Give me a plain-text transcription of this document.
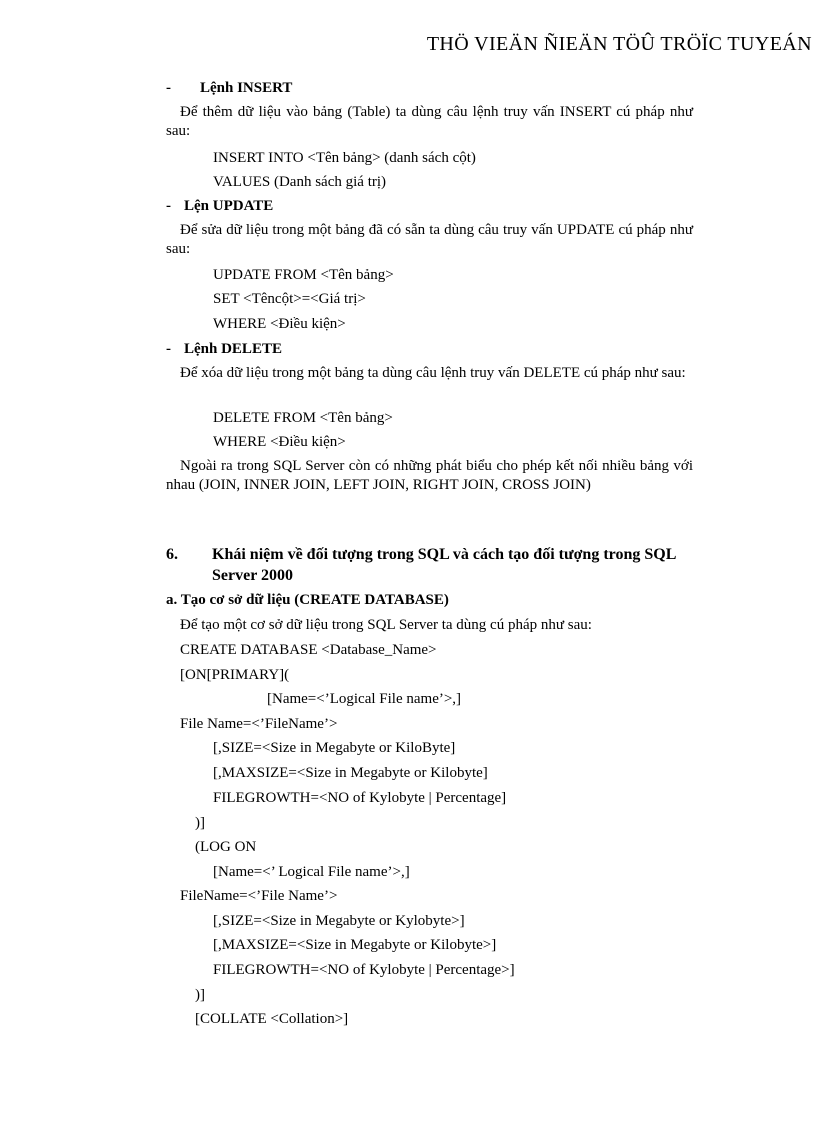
THÖ VIEÄN ÑIEÄN TÖÛ TRÖÏC TUYEÁN
- Lệnh INSERT
Để thêm dữ liệu vào bảng (Table) ta dùng câu lệnh truy vấn INSERT cú pháp như sau:
INSERT INTO <Tên bảng> (danh sách cột)
VALUES (Danh sách giá trị)
- Lện UPDATE
Để sửa dữ liệu trong một bảng đã có sẵn ta dùng câu truy vấn UPDATE cú pháp như sau:
UPDATE FROM <Tên bảng>
SET <Têncột>=<Giá trị>
WHERE <Điều kiện>
- Lệnh DELETE
Để xóa dữ liệu trong một bảng ta dùng câu lệnh truy vấn DELETE cú pháp như sau:
DELETE FROM <Tên bảng>
WHERE <Điều kiện>
Ngoài ra trong SQL Server còn có những phát biểu cho phép kết nối nhiều bảng với nhau (JOIN, INNER JOIN, LEFT JOIN, RIGHT JOIN, CROSS JOIN)
6. Khái niệm về đối tượng trong SQL và cách tạo đối tượng trong SQL
Server 2000
a. Tạo cơ sở dữ liệu (CREATE DATABASE)
Để tạo một cơ sở dữ liệu trong SQL Server ta dùng cú pháp như sau:
CREATE DATABASE <Database_Name>
[ON[PRIMARY](
[Name=<’Logical File name’>,]
File Name=<’FileName’>
[,SIZE=<Size in Megabyte or KiloByte]
[,MAXSIZE=<Size in Megabyte or Kilobyte]
FILEGROWTH=<NO of Kylobyte | Percentage]
)]
(LOG ON
[Name=<’ Logical File name’>,]
FileName=<’File Name’>
[,SIZE=<Size in Megabyte or Kylobyte>]
[,MAXSIZE=<Size in Megabyte or Kilobyte>]
FILEGROWTH=<NO of Kylobyte | Percentage>]
)]
[COLLATE <Collation>]
